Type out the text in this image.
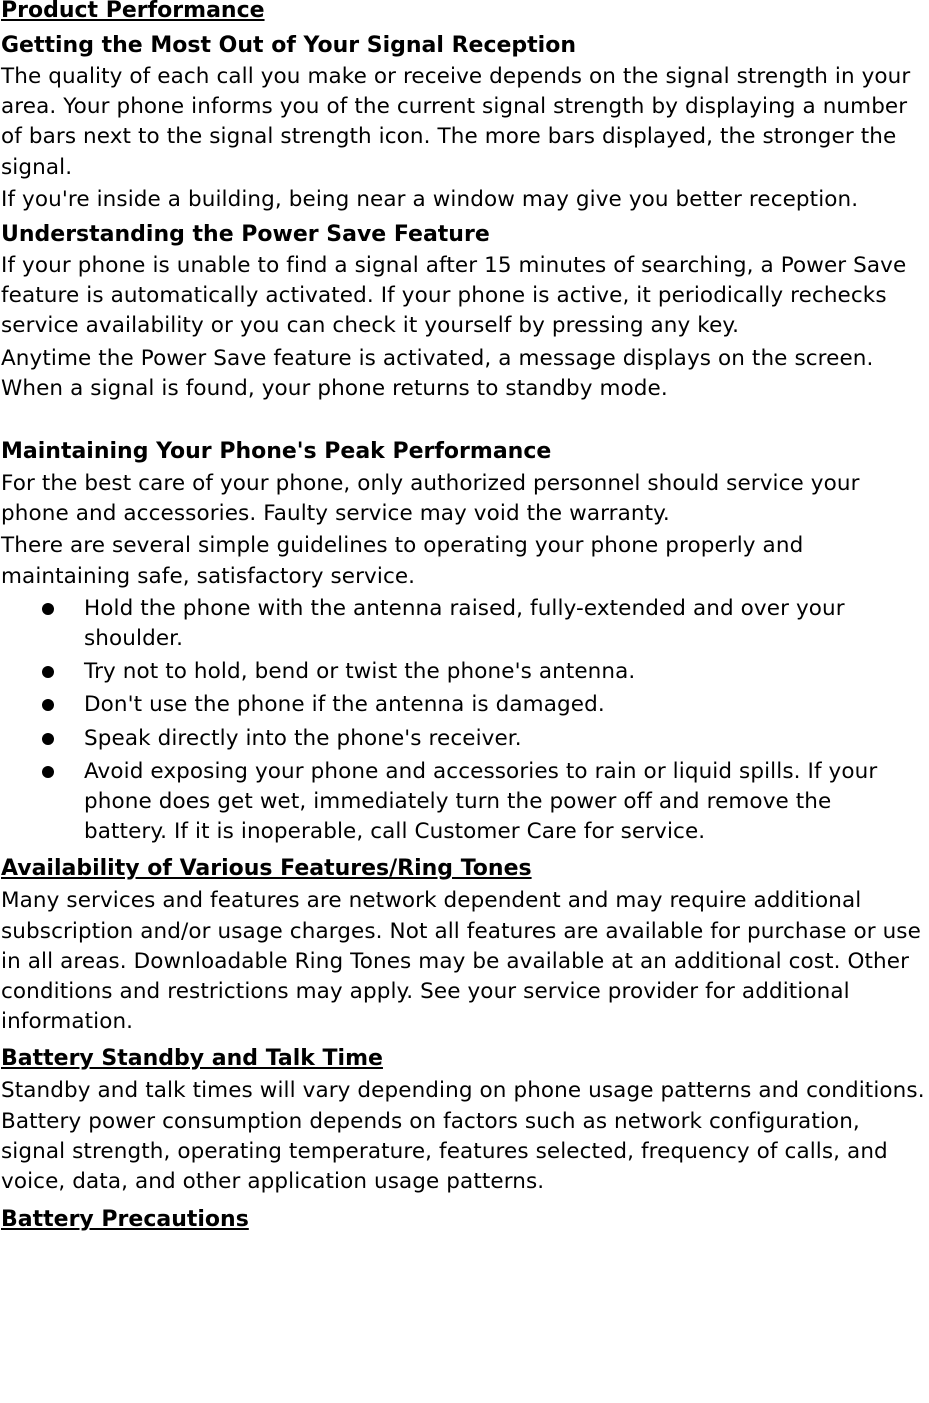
Product Performance
Getting the Most Out of Your Signal Reception

The quality of each call you make or receive depends on the signal strength in your area. Your phone informs you of the current signal strength by displaying a number of bars next to the signal strength icon. The more bars displayed, the stronger the signal.

If you're inside a building, being near a window may give you better reception.

Understanding the Power Save Feature

If your phone is unable to find a signal after 15 minutes of searching, a Power Save feature is automatically activated. If your phone is active, it periodically rechecks service availability or you can check it yourself by pressing any key.

Anytime the Power Save feature is activated, a message displays on the screen. When a signal is found, your phone returns to standby mode.

Maintaining Your Phone's Peak Performance

For the best care of your phone, only authorized personnel should service your phone and accessories. Faulty service may void the warranty.

There are several simple guidelines to operating your phone properly and maintaining safe, satisfactory service.

Hold the phone with the antenna raised, fully-extended and over your shoulder.
Try not to hold, bend or twist the phone's antenna.
Don't use the phone if the antenna is damaged.
Speak directly into the phone's receiver.
Avoid exposing your phone and accessories to rain or liquid spills. If your phone does get wet, immediately turn the power off and remove the battery. If it is inoperable, call Customer Care for service.
Availability of Various Features/Ring Tones

Many services and features are network dependent and may require additional subscription and/or usage charges. Not all features are available for purchase or use in all areas. Downloadable Ring Tones may be available at an additional cost. Other conditions and restrictions may apply. See your service provider for additional information.

Battery Standby and Talk Time

Standby and talk times will vary depending on phone usage patterns and conditions. Battery power consumption depends on factors such as network configuration, signal strength, operating temperature, features selected, frequency of calls, and voice, data, and other application usage patterns.

Battery Precautions
